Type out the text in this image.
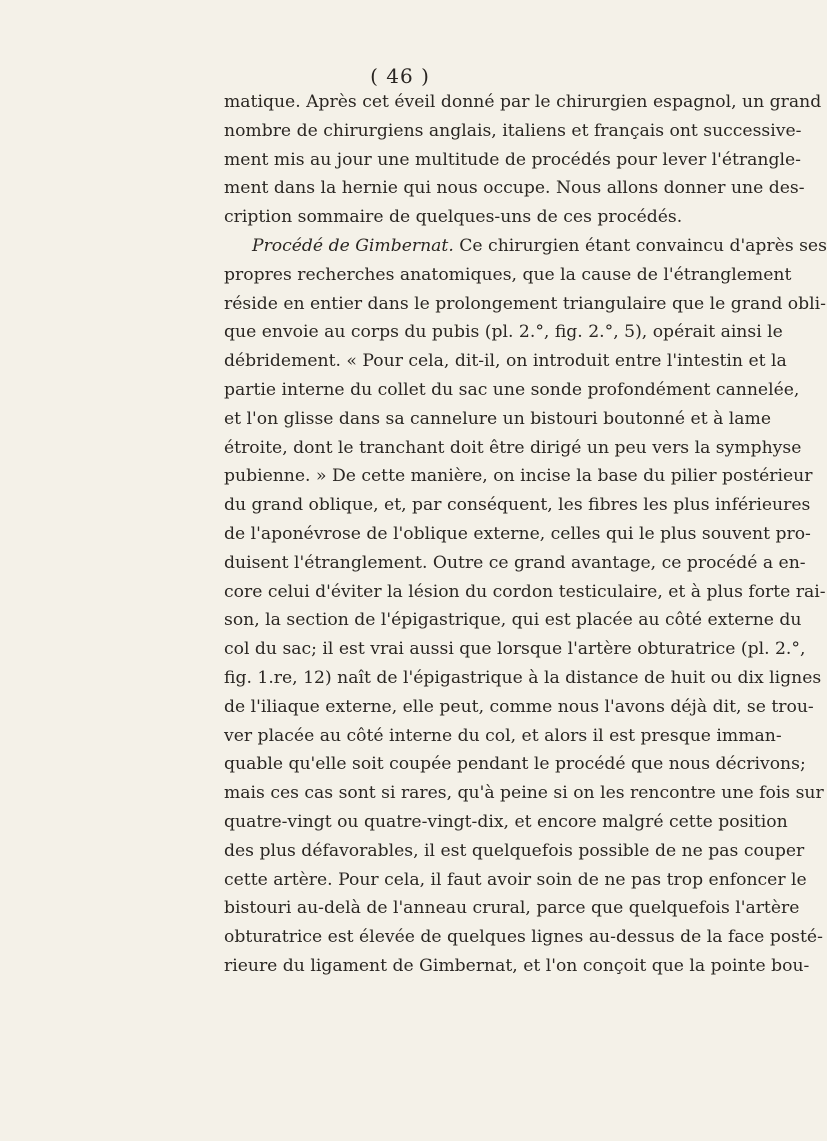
( 46 )
matique. Après cet éveil donné par le chirurgien espagnol, un grand
nombre de chirurgiens anglais, italiens et français ont successive-
ment mis au jour une multitude de procédés pour lever l'étrangle-
ment dans la hernie qui nous occupe. Nous allons donner une des-
cription sommaire de quelques-uns de ces procédés.
Procédé de Gimbernat. Ce chirurgien étant convaincu d'après ses
propres recherches anatomiques, que la cause de l'étranglement
réside en entier dans le prolongement triangulaire que le grand obli-
que envoie au corps du pubis (pl. 2.°, fig. 2.°, 5), opérait ainsi le
débridement. « Pour cela, dit-il, on introduit entre l'intestin et la
partie interne du collet du sac une sonde profondément cannelée,
et l'on glisse dans sa cannelure un bistouri boutonné et à lame
étroite, dont le tranchant doit être dirigé un peu vers la symphyse
pubienne. » De cette manière, on incise la base du pilier postérieur
du grand oblique, et, par conséquent, les fibres les plus inférieures
de l'aponévrose de l'oblique externe, celles qui le plus souvent pro-
duisent l'étranglement. Outre ce grand avantage, ce procédé a en-
core celui d'éviter la lésion du cordon testiculaire, et à plus forte rai-
son, la section de l'épigastrique, qui est placée au côté externe du
col du sac; il est vrai aussi que lorsque l'artère obturatrice (pl. 2.°,
fig. 1.re, 12) naît de l'épigastrique à la distance de huit ou dix lignes
de l'iliaque externe, elle peut, comme nous l'avons déjà dit, se trou-
ver placée au côté interne du col, et alors il est presque imman-
quable qu'elle soit coupée pendant le procédé que nous décrivons;
mais ces cas sont si rares, qu'à peine si on les rencontre une fois sur
quatre-vingt ou quatre-vingt-dix, et encore malgré cette position
des plus défavorables, il est quelquefois possible de ne pas couper
cette artère. Pour cela, il faut avoir soin de ne pas trop enfoncer le
bistouri au-delà de l'anneau crural, parce que quelquefois l'artère
obturatrice est élevée de quelques lignes au-dessus de la face posté-
rieure du ligament de Gimbernat, et l'on conçoit que la pointe bou-
